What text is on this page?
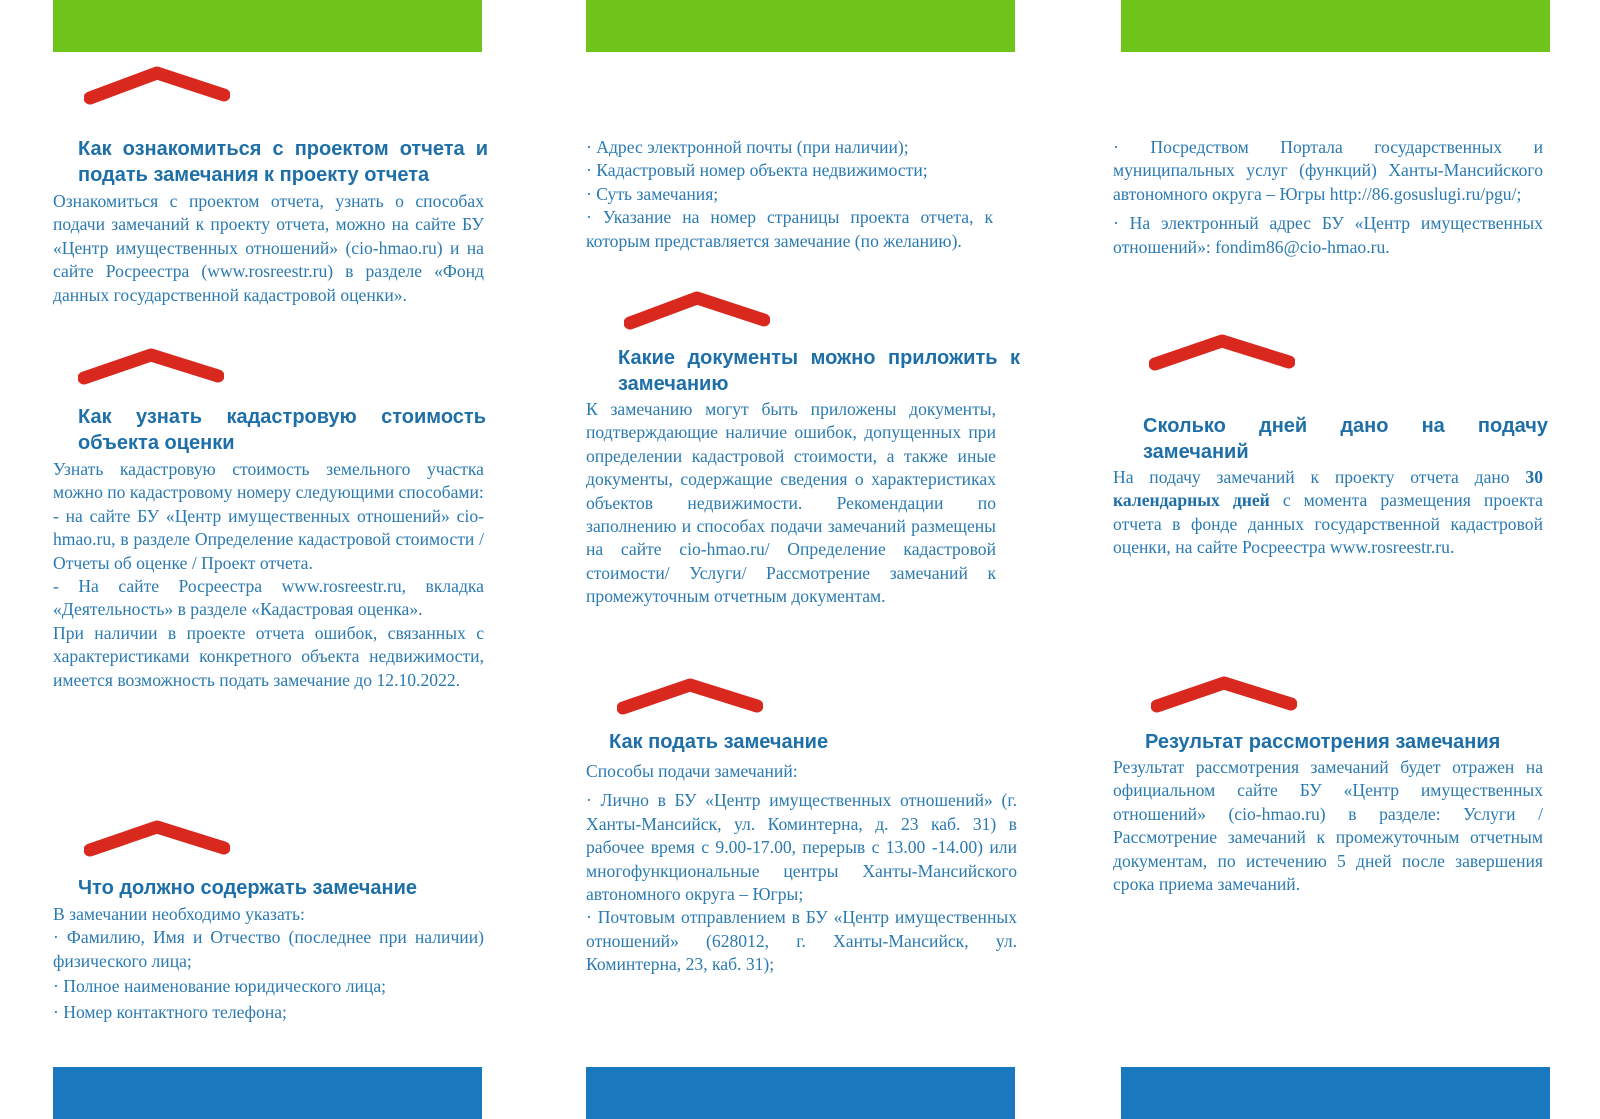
Как ознакомиться с проектом отчета и подать замечания к проекту отчета
Ознакомиться с проектом отчета, узнать о способах подачи замечаний к проекту отчета, можно на сайте БУ «Центр имущественных отношений» (cio-hmao.ru) и на сайте Росреестра (www.rosreestr.ru) в разделе «Фонд данных государственной кадастровой оценки».
Как узнать кадастровую стоимость объекта оценки

Узнать кадастровую стоимость земельного участка можно по кадастровому номеру следующими способами:

- на сайте БУ «Центр имущественных отношений» cio-hmao.ru, в разделе Определение кадастровой стоимости / Отчеты об оценке / Проект отчета.

- На сайте Росреестра www.rosreestr.ru, вкладка «Деятельность» в разделе «Кадастровая оценка».

При наличии в проекте отчета ошибок, связанных с характеристиками конкретного объекта недвижимости, имеется возможность подать замечание до 12.10.2022.

Что должно содержать замечание

В замечании необходимо указать:

· Фамилию, Имя и Отчество (последнее при наличии) физического лица;

· Полное наименование юридического лица;

· Номер контактного телефона;

· Адрес электронной почты (при наличии);

· Кадастровый номер объекта недвижимости;

· Суть замечания;

· Указание на номер страницы проекта отчета, к которым представляется замечание (по желанию).

Какие документы можно приложить к замечанию
К замечанию могут быть приложены документы, подтверждающие наличие ошибок, допущенных при определении кадастровой стоимости, а также иные документы, содержащие сведения о характеристиках объектов недвижимости. Рекомендации по заполнению и способах подачи замечаний размещены на сайте cio-hmao.ru/ Определение кадастровой стоимости/ Услуги/ Рассмотрение замечаний к промежуточным отчетным документам.
Как подать замечание

Способы подачи замечаний:

· Лично в БУ «Центр имущественных отношений» (г. Ханты-Мансийск, ул. Коминтерна, д. 23 каб. 31) в рабочее время с 9.00-17.00, перерыв с 13.00 -14.00) или многофункциональные центры Ханты-Мансийского автономного округа – Югры;

· Почтовым отправлением в БУ «Центр имущественных отношений» (628012, г. Ханты-Мансийск, ул. Коминтерна, 23, каб. 31);

· Посредством Портала государственных и муниципальных услуг (функций) Ханты-Мансийского автономного округа – Югры http://86.gosuslugi.ru/pgu/;

· На электронный адрес БУ «Центр имущественных отношений»: fondim86@cio-hmao.ru.

Сколько дней дано на подачу замечаний

На подачу замечаний к проекту отчета дано 30 календарных дней с момента размещения проекта отчета в фонде данных государственной кадастровой оценки, на сайте Росреестра www.rosreestr.ru.

Результат рассмотрения замечания
Результат рассмотрения замечаний будет отражен на официальном сайте БУ «Центр имущественных отношений» (cio-hmao.ru) в разделе: Услуги / Рассмотрение замечаний к промежуточным отчетным документам, по истечению 5 дней после завершения срока приема замечаний.
